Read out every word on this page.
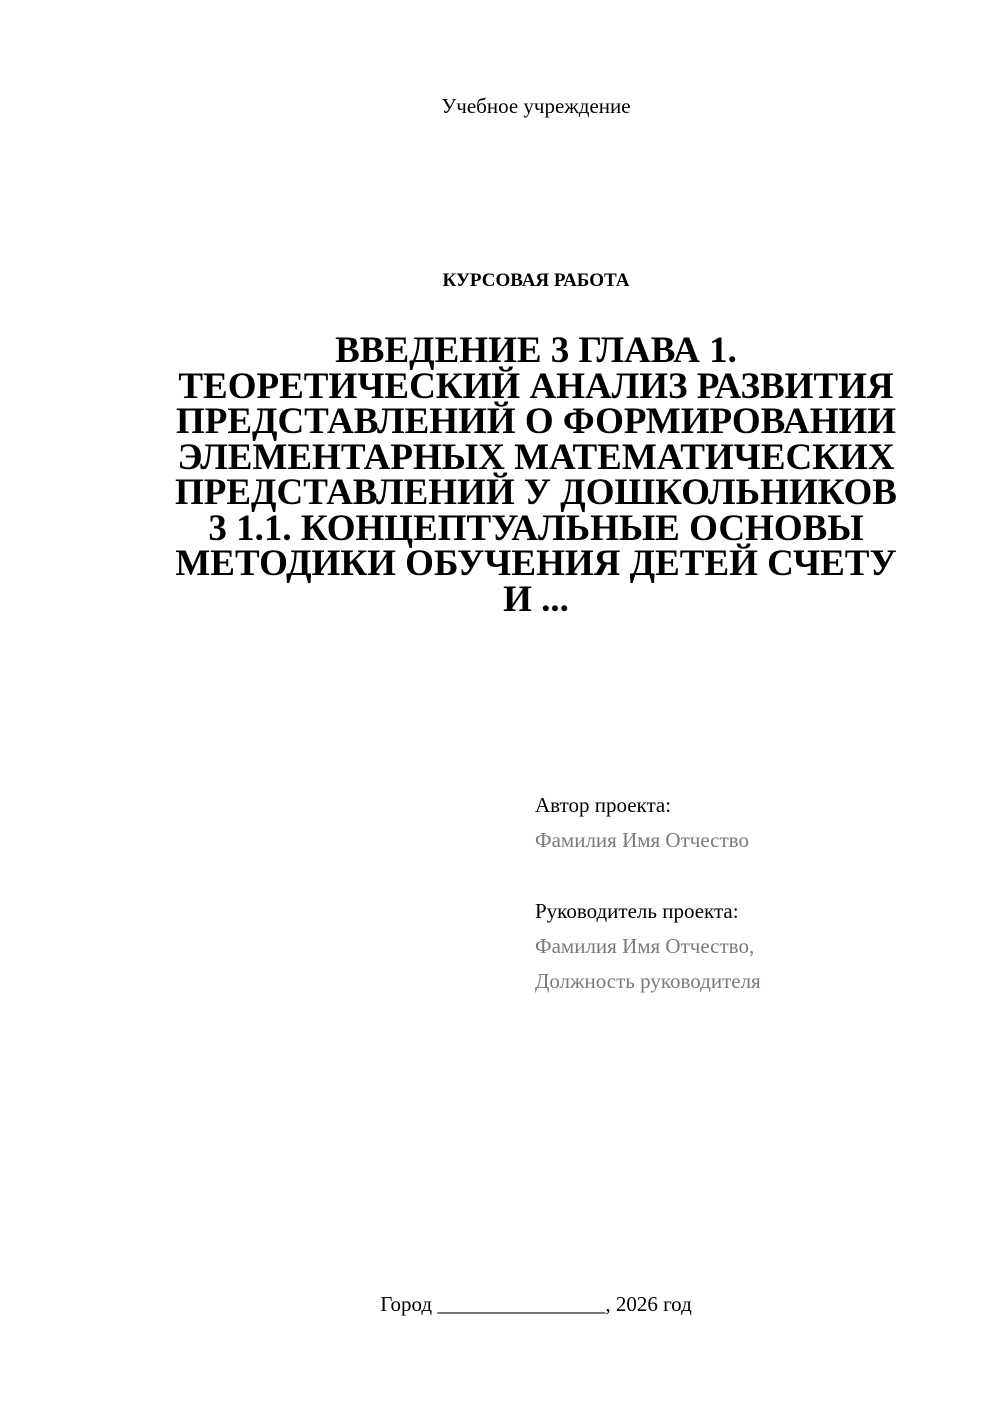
Учебное учреждение
КУРСОВАЯ РАБОТА
ВВЕДЕНИЕ 3 ГЛАВА 1.
ТЕОРЕТИЧЕСКИЙ АНАЛИЗ РАЗВИТИЯ
ПРЕДСТАВЛЕНИЙ О ФОРМИРОВАНИИ
ЭЛЕМЕНТАРНЫХ МАТЕМАТИЧЕСКИХ
ПРЕДСТАВЛЕНИЙ У ДОШКОЛЬНИКОВ
3 1.1. КОНЦЕПТУАЛЬНЫЕ ОСНОВЫ
МЕТОДИКИ ОБУЧЕНИЯ ДЕТЕЙ СЧЕТУ
И ...
Автор проекта:
Фамилия Имя Отчество
Руководитель проекта:
Фамилия Имя Отчество,
Должность руководителя
Город ________________, 2026 год
